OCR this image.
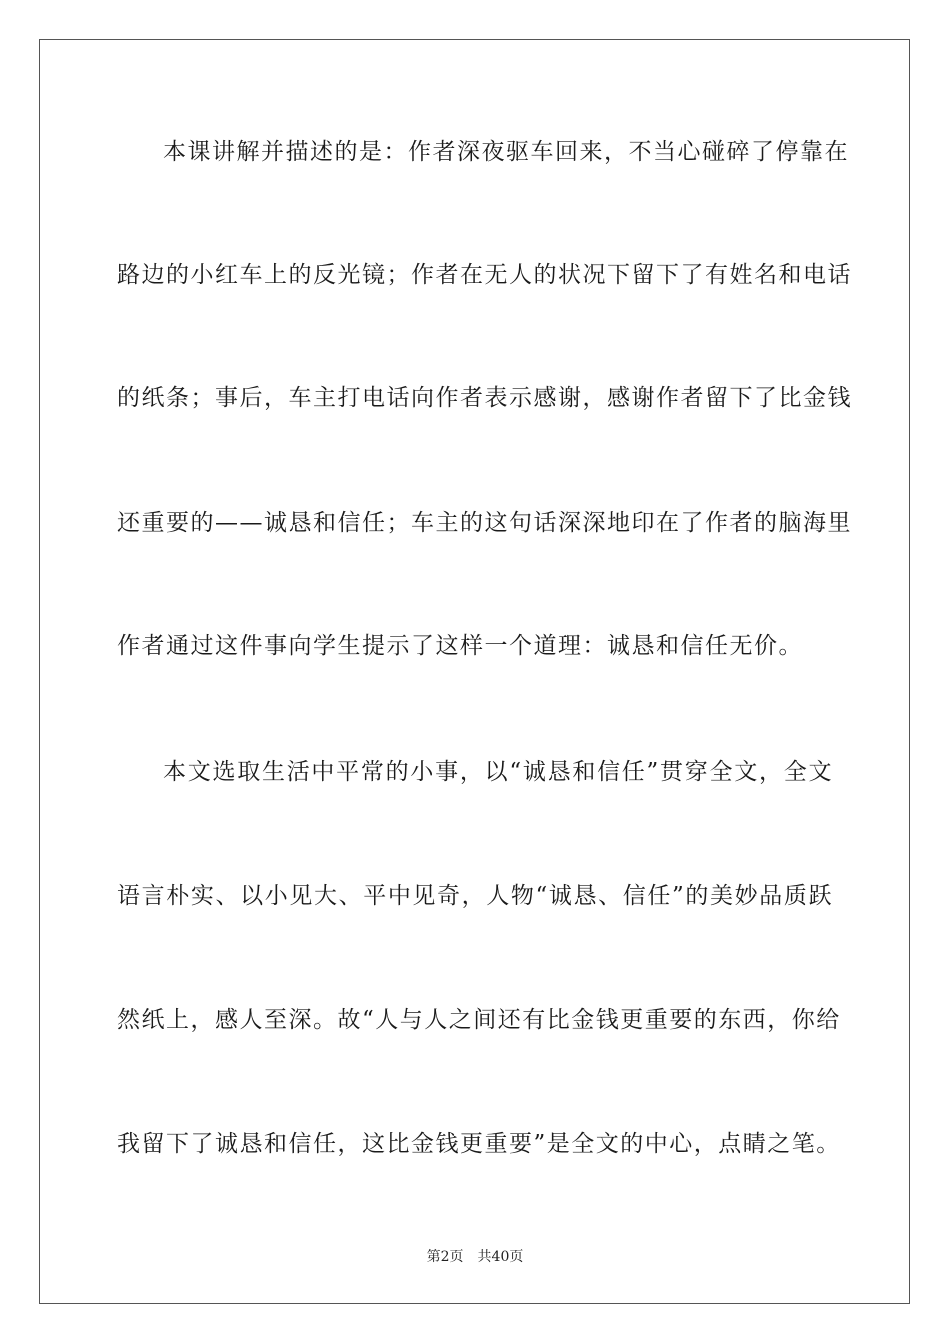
本课讲解并描述的是：作者深夜驱车回来，不当心碰碎了停靠在
路边的小红车上的反光镜；作者在无人的状况下留下了有姓名和电话
的纸条；事后，车主打电话向作者表示感谢，感谢作者留下了比金钱
还重要的——诚恳和信任；车主的这句话深深地印在了作者的脑海里
作者通过这件事向学生提示了这样一个道理：诚恳和信任无价。
本文选取生活中平常的小事，以“诚恳和信任”贯穿全文，全文
语言朴实、以小见大、平中见奇，人物“诚恳、信任”的美妙品质跃
然纸上，感人至深。故“人与人之间还有比金钱更重要的东西，你给
我留下了诚恳和信任，这比金钱更重要”是全文的中心，点睛之笔。
第2页 共40页
